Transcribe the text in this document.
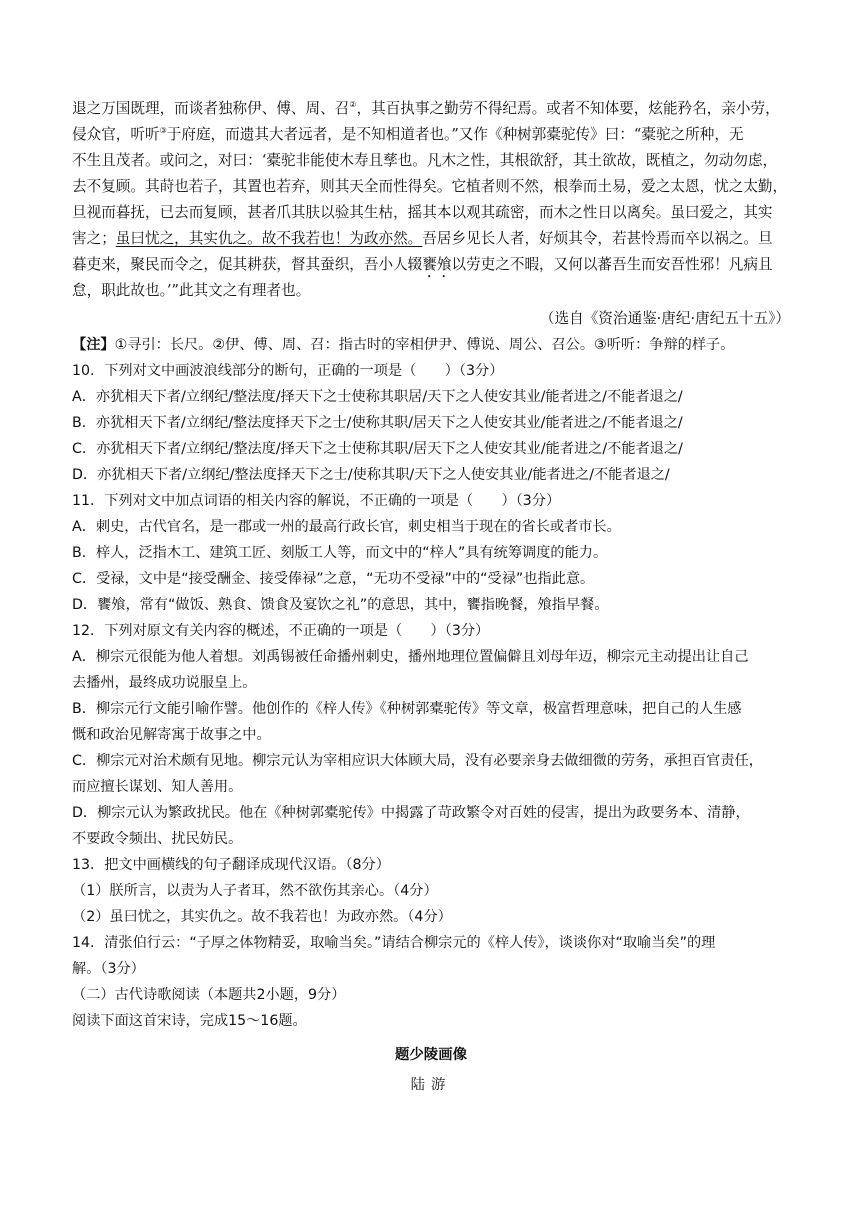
退之万国既理，而谈者独称伊、傅、周、召②，其百执事之勤劳不得纪焉。或者不知体要，炫能矜名，亲小劳，
侵众官，听听③于府庭，而遗其大者远者，是不知相道者也。”又作《种树郭橐驼传》曰：“橐驼之所种，无
不生且茂者。或问之，对曰：‘橐驼非能使木寿且孳也。凡木之性，其根欲舒，其土欲故，既植之，勿动勿虑，
去不复顾。其莳也若子，其置也若弃，则其天全而性得矣。它植者则不然，根拳而土易，爱之太恩，忧之太勤，
旦视而暮抚，已去而复顾，甚者爪其肤以验其生枯，摇其本以观其疏密，而木之性日以离矣。虽曰爱之，其实
害之；虽曰忧之，其实仇之。故不我若也！为政亦然。吾居乡见长人者，好烦其令，若甚怜焉而卒以祸之。旦
暮吏来，聚民而令之，促其耕获，督其蚕织，吾小人辍饔飧以劳吏之不暇，又何以蕃吾生而安吾性邪！凡病且
怠，职此故也。’”此其文之有理者也。
（选自《资治通鉴·唐纪·唐纪五十五》）
【注】①寻引：长尺。②伊、傅、周、召：指古时的宰相伊尹、傅说、周公、召公。③听听：争辩的样子。
10．下列对文中画波浪线部分的断句，正确的一项是（　　）（3分）
A．亦犹相天下者/立纲纪/整法度/择天下之士使称其职居/天下之人使安其业/能者进之/不能者退之/
B．亦犹相天下者/立纲纪/整法度择天下之士/使称其职/居天下之人使安其业/能者进之/不能者退之/
C．亦犹相天下者/立纲纪/整法度/择天下之士使称其职/居天下之人使安其业/能者进之/不能者退之/
D．亦犹相天下者/立纲纪/整法度择天下之士/使称其职/天下之人使安其业/能者进之/不能者退之/
11．下列对文中加点词语的相关内容的解说，不正确的一项是（　　）（3分）
A．刺史，古代官名，是一郡或一州的最高行政长官，刺史相当于现在的省长或者市长。
B．梓人，泛指木工、建筑工匠、刻版工人等，而文中的“梓人”具有统筹调度的能力。
C．受禄，文中是“接受酬金、接受俸禄”之意，“无功不受禄”中的“受禄”也指此意。
D．饔飧，常有“做饭、熟食、馈食及宴饮之礼”的意思，其中，饔指晚餐，飧指早餐。
12．下列对原文有关内容的概述，不正确的一项是（　　）（3分）
A．柳宗元很能为他人着想。刘禹锡被任命播州刺史，播州地理位置偏僻且刘母年迈，柳宗元主动提出让自己
去播州，最终成功说服皇上。
B．柳宗元行文能引喻作譬。他创作的《梓人传》《种树郭橐驼传》等文章，极富哲理意味，把自己的人生感
慨和政治见解寄寓于故事之中。
C．柳宗元对治术颇有见地。柳宗元认为宰相应识大体顾大局，没有必要亲身去做细微的劳务，承担百官责任，
而应擅长谋划、知人善用。
D．柳宗元认为繁政扰民。他在《种树郭橐驼传》中揭露了苛政繁令对百姓的侵害，提出为政要务本、清静，
不要政令频出、扰民妨民。
13．把文中画横线的句子翻译成现代汉语。（8分）
（1）朕所言，以责为人子者耳，然不欲伤其亲心。（4分）
（2）虽曰忧之，其实仇之。故不我若也！为政亦然。（4分）
14．清张伯行云：“子厚之体物精妥，取喻当矣。”请结合柳宗元的《梓人传》，谈谈你对“取喻当矣”的理
解。（3分）
（二）古代诗歌阅读（本题共2小题，9分）
阅读下面这首宋诗，完成15～16题。
题少陵画像
陆游
